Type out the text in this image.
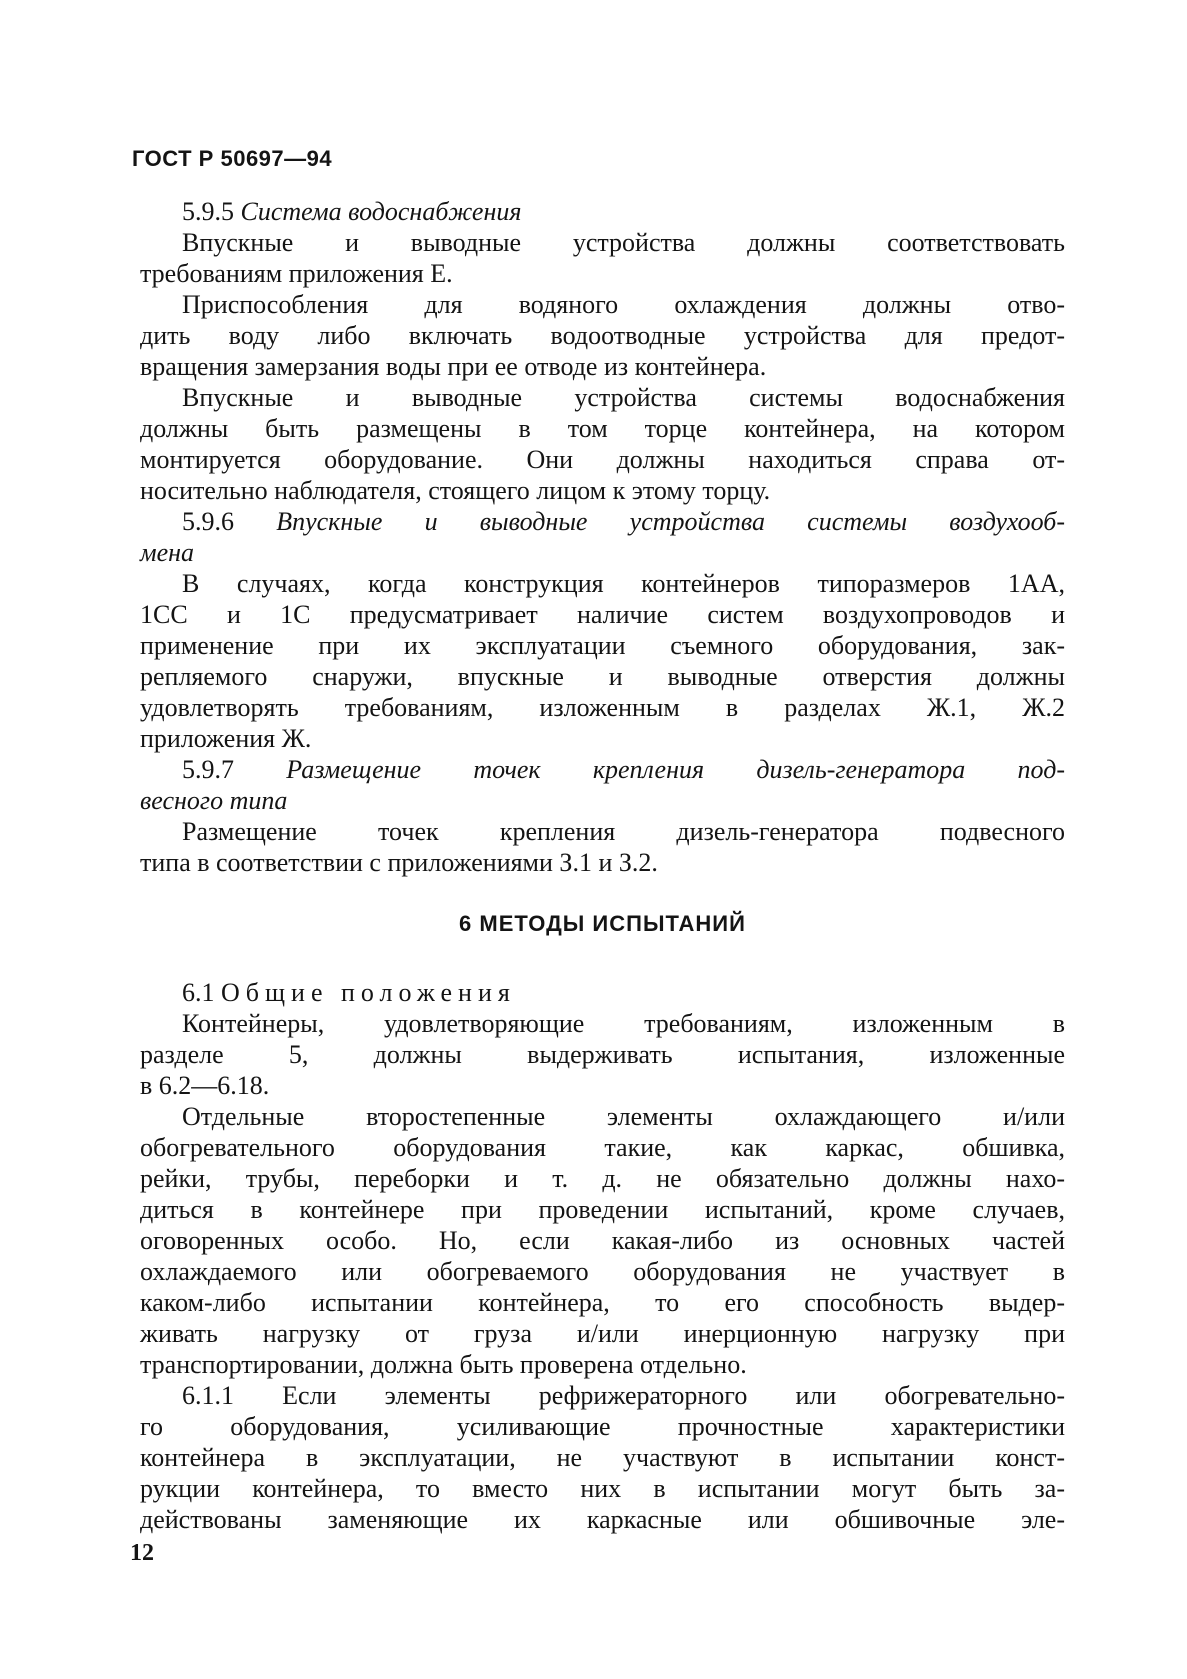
ГОСТ Р 50697—94
5.9.5 Система водоснабжения
Впускные и выводные устройства должны соответствовать
требованиям приложения Е.
Приспособления для водяного охлаждения должны отво-
дить воду либо включать водоотводные устройства для предот-
вращения замерзания воды при ее отводе из контейнера.
Впускные и выводные устройства системы водоснабжения
должны быть размещены в том торце контейнера, на котором
монтируется оборудование. Они должны находиться справа от-
носительно наблюдателя, стоящего лицом к этому торцу.
5.9.6 Впускные и выводные устройства системы воздухооб-
мена
В случаях, когда конструкция контейнеров типоразмеров 1АА,
1СС и 1С предусматривает наличие систем воздухопроводов и
применение при их эксплуатации съемного оборудования, зак-
репляемого снаружи, впускные и выводные отверстия должны
удовлетворять требованиям, изложенным в разделах Ж.1, Ж.2
приложения Ж.
5.9.7 Размещение точек крепления дизель-генератора под-
весного типа
Размещение точек крепления дизель-генератора подвесного
типа в соответствии с приложениями З.1 и З.2.
6 МЕТОДЫ ИСПЫТАНИЙ
6.1 Общие положения
Контейнеры, удовлетворяющие требованиям, изложенным в
разделе 5, должны выдерживать испытания, изложенные
в 6.2—6.18.
Отдельные второстепенные элементы охлаждающего и/или
обогревательного оборудования такие, как каркас, обшивка,
рейки, трубы, переборки и т. д. не обязательно должны нахо-
диться в контейнере при проведении испытаний, кроме случаев,
оговоренных особо. Но, если какая-либо из основных частей
охлаждаемого или обогреваемого оборудования не участвует в
каком-либо испытании контейнера, то его способность выдер-
живать нагрузку от груза и/или инерционную нагрузку при
транспортировании, должна быть проверена отдельно.
6.1.1 Если элементы рефрижераторного или обогревательно-
го оборудования, усиливающие прочностные характеристики
контейнера в эксплуатации, не участвуют в испытании конст-
рукции контейнера, то вместо них в испытании могут быть за-
действованы заменяющие их каркасные или обшивочные эле-
12
